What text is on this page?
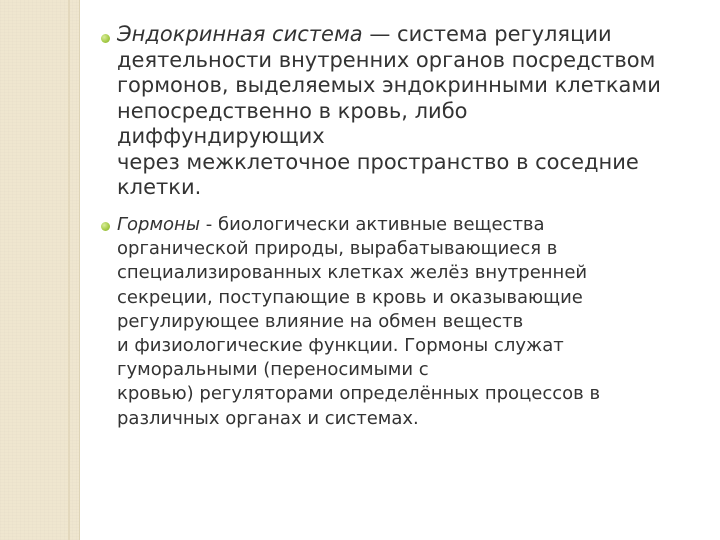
Эндокринная система — система регуляции
деятельности внутренних органов посредством
гормонов, выделяемых эндокринными клетками
непосредственно в кровь, либо
диффундирующих
через межклеточное пространство в соседние
клетки.
Гормоны - биологически активные вещества
органической природы, вырабатывающиеся в
специализированных клетках желёз внутренней
секреции, поступающие в кровь и оказывающие
регулирующее влияние на обмен веществ
и физиологические функции. Гормоны служат
гуморальными (переносимыми с
кровью) регуляторами определённых процессов в
различных органах и системах.
